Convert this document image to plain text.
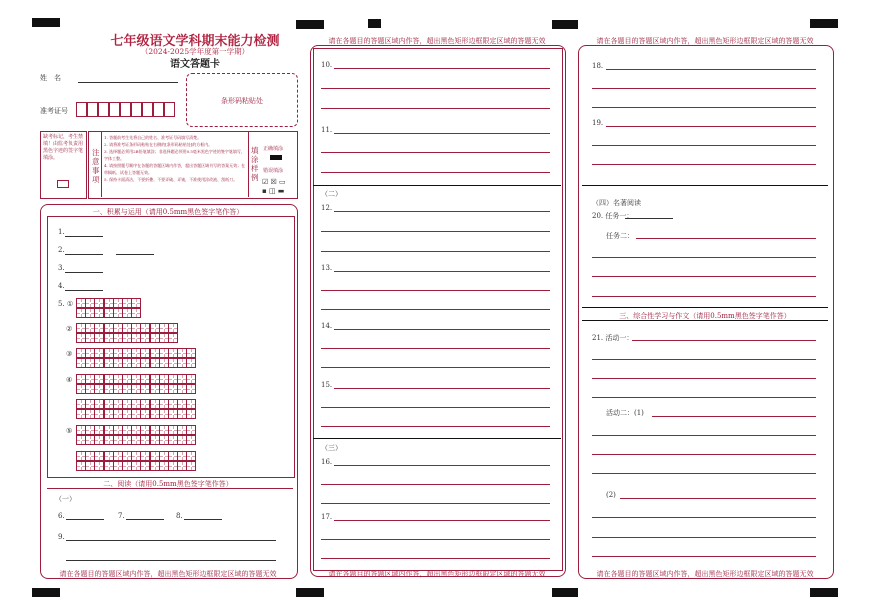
七年级语文学科期末能力检测
（2024-2025学年度第一学期）
语文答题卡
姓　名
准考证号
条形码粘贴处
缺考标记，考生禁填！由监考负责用黑色字迹的签字笔填涂。
注意事项
1. 答题前考生先将自己的姓名、准考证号码填写清楚。
2. 请将准考证条形码粘贴在右侧的[条形码粘贴处]的方框内。
3. 选择题必须用2B铅笔填涂；非选择题必须用0.5毫米黑色字迹的签字笔填写，字体工整。
4. 请按照题号顺序在各题的答题区域内作答，超出答题区域书写的答案无效；在草稿纸、试卷上答题无效。
5. 保持卡面清洁，不要折叠、不要弄破、弄皱，不准使用涂改液、刮纸刀。
填涂样例
正确填涂
错误填涂
☑ ☒ ▭
▪ ◫ ▬
一、积累与运用（请用0.5mm黑色签字笔作答）
1.
2.
3.
4.
5. ①
②
③
④
⑤
二、阅读（请用0.5mm黑色签字笔作答）
（一）
6.	7.	8.
9.
请在各题目的答题区域内作答，超出黑色矩形边框限定区域的答题无效
请在各题目的答题区域内作答，超出黑色矩形边框限定区域的答题无效
10.
11.
（二）
12.
13.
14.
15.
（三）
16.
17.
请在各题目的答题区域内作答，超出黑色矩形边框限定区域的答题无效
请在各题目的答题区域内作答，超出黑色矩形边框限定区域的答题无效
18.
19.
（四）名著阅读
20. 任务一：
任务二：
三、综合性学习与作文（请用0.5mm黑色签字笔作答）
21. 活动一：
活动二：(1)
(2)
请在各题目的答题区域内作答，超出黑色矩形边框限定区域的答题无效
